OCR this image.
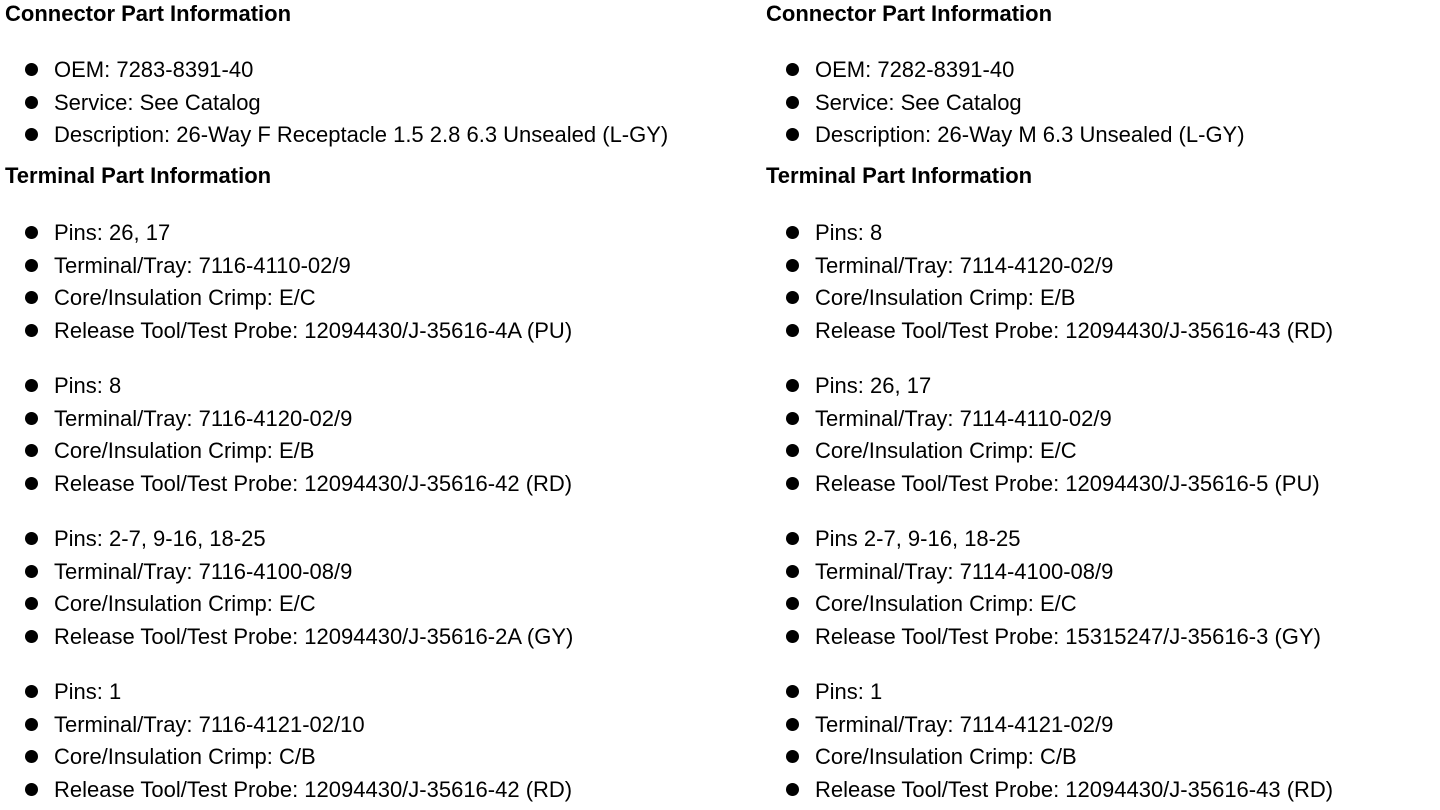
Connector Part Information
OEM: 7283-8391-40
Service: See Catalog
Description: 26-Way F Receptacle 1.5 2.8 6.3 Unsealed (L-GY)
Terminal Part Information
Pins: 26, 17
Terminal/Tray: 7116-4110-02/9
Core/Insulation Crimp: E/C
Release Tool/Test Probe: 12094430/J-35616-4A (PU)
Pins: 8
Terminal/Tray: 7116-4120-02/9
Core/Insulation Crimp: E/B
Release Tool/Test Probe: 12094430/J-35616-42 (RD)
Pins: 2-7, 9-16, 18-25
Terminal/Tray: 7116-4100-08/9
Core/Insulation Crimp: E/C
Release Tool/Test Probe: 12094430/J-35616-2A (GY)
Pins: 1
Terminal/Tray: 7116-4121-02/10
Core/Insulation Crimp: C/B
Release Tool/Test Probe: 12094430/J-35616-42 (RD)
Connector Part Information
OEM: 7282-8391-40
Service: See Catalog
Description: 26-Way M 6.3 Unsealed (L-GY)
Terminal Part Information
Pins: 8
Terminal/Tray: 7114-4120-02/9
Core/Insulation Crimp: E/B
Release Tool/Test Probe: 12094430/J-35616-43 (RD)
Pins: 26, 17
Terminal/Tray: 7114-4110-02/9
Core/Insulation Crimp: E/C
Release Tool/Test Probe: 12094430/J-35616-5 (PU)
Pins 2-7, 9-16, 18-25
Terminal/Tray: 7114-4100-08/9
Core/Insulation Crimp: E/C
Release Tool/Test Probe: 15315247/J-35616-3 (GY)
Pins: 1
Terminal/Tray: 7114-4121-02/9
Core/Insulation Crimp: C/B
Release Tool/Test Probe: 12094430/J-35616-43 (RD)
